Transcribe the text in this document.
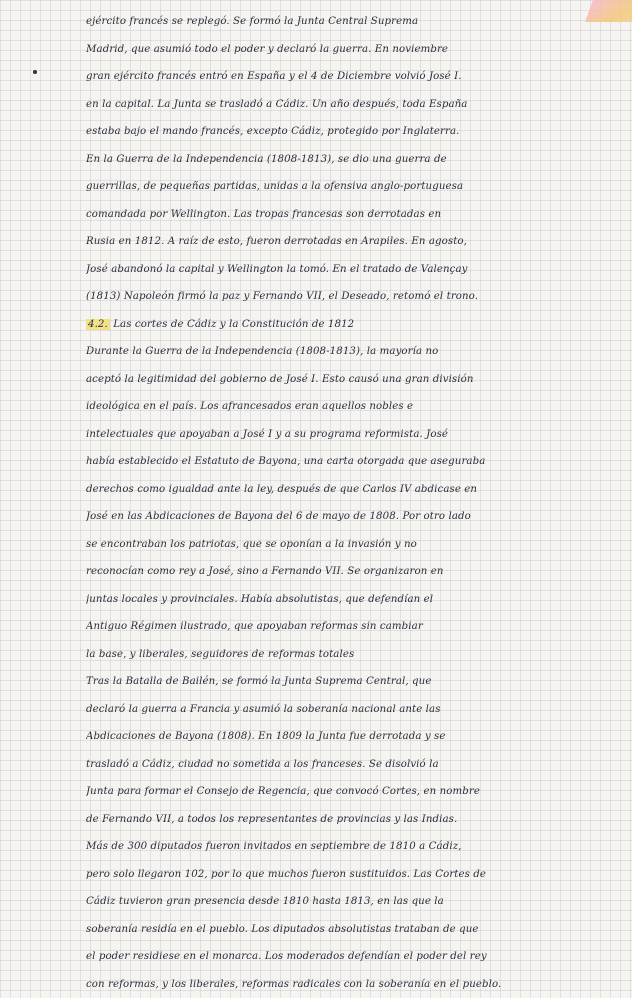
ejército francés se replegó. Se formó la Junta Central Suprema
Madrid, que asumió todo el poder y declaró la guerra. En noviembre
gran ejército francés entró en España y el 4 de Diciembre volvió José I.
en la capital. La Junta se trasladó a Cádiz. Un año después, toda España
estaba bajo el mando francés, excepto Cádiz, protegido por Inglaterra.
En la Guerra de la Independencia (1808-1813), se dio una guerra de
guerrillas, de pequeñas partidas, unidas a la ofensiva anglo-portuguesa
comandada por Wellington. Las tropas francesas son derrotadas en
Rusia en 1812. A raíz de esto, fueron derrotadas en Arapiles. En agosto,
José abandonó la capital y Wellington la tomó. En el tratado de Valençay
(1813) Napoleón firmó la paz y Fernando VII, el Deseado, retomó el trono.
4.2. Las cortes de Cádiz y la Constitución de 1812
Durante la Guerra de la Independencia (1808-1813), la mayoría no
aceptó la legitimidad del gobierno de José I. Esto causó una gran división
ideológica en el país. Los afrancesados eran aquellos nobles e
intelectuales que apoyaban a José I y a su programa reformista. José
había establecido el Estatuto de Bayona, una carta otorgada que aseguraba
derechos como igualdad ante la ley, después de que Carlos IV abdicase en
José en las Abdicaciones de Bayona del 6 de mayo de 1808. Por otro lado
se encontraban los patriotas, que se oponían a la invasión y no
reconocían como rey a José, sino a Fernando VII. Se organizaron en
juntas locales y provinciales. Había absolutistas, que defendían el
Antiguo Régimen ilustrado, que apoyaban reformas sin cambiar
la base, y liberales, seguidores de reformas totales
Tras la Batalla de Bailén, se formó la Junta Suprema Central, que
declaró la guerra a Francia y asumió la soberanía nacional ante las
Abdicaciones de Bayona (1808). En 1809 la Junta fue derrotada y se
trasladó a Cádiz, ciudad no sometida a los franceses. Se disolvió la
Junta para formar el Consejo de Regencia, que convocó Cortes, en nombre
de Fernando VII, a todos los representantes de provincias y las Indias.
Más de 300 diputados fueron invitados en septiembre de 1810 a Cádiz,
pero solo llegaron 102, por lo que muchos fueron sustituidos. Las Cortes de
Cádiz tuvieron gran presencia desde 1810 hasta 1813, en las que la
soberanía residía en el pueblo. Los diputados absolutistas trataban de que
el poder residiese en el monarca. Los moderados defendían el poder del rey
con reformas, y los liberales, reformas radicales con la soberanía en el pueblo.
